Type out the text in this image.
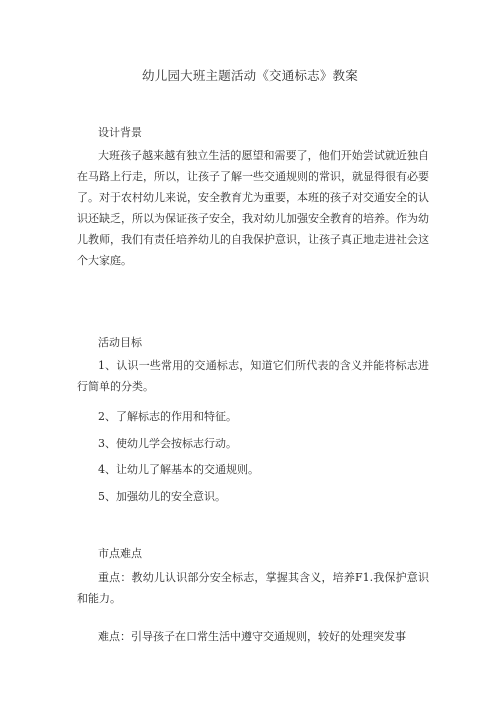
幼儿园大班主题活动《交通标志》教案
设计背景

大班孩子越来越有独立生活的愿望和需要了，他们开始尝试就近独自在马路上行走，所以，让孩子了解一些交通规则的常识，就显得很有必要了。对于农村幼儿来说，安全教育尤为重要，本班的孩子对交通安全的认识还缺乏，所以为保证孩子安全，我对幼儿加强安全教育的培养。作为幼儿教师，我们有责任培养幼儿的自我保护意识，让孩子真正地走进社会这个大家庭。

活动目标

1、认识一些常用的交通标志，知道它们所代表的含义并能将标志进行简单的分类。

2、了解标志的作用和特征。

3、使幼儿学会按标志行动。

4、让幼儿了解基本的交通规则。

5、加强幼儿的安全意识。

市点难点

重点：教幼儿认识部分安全标志，掌握其含义，培养F1.我保护意识和能力。

难点：引导孩子在口常生活中遵守交通规则，较好的处理突发事
